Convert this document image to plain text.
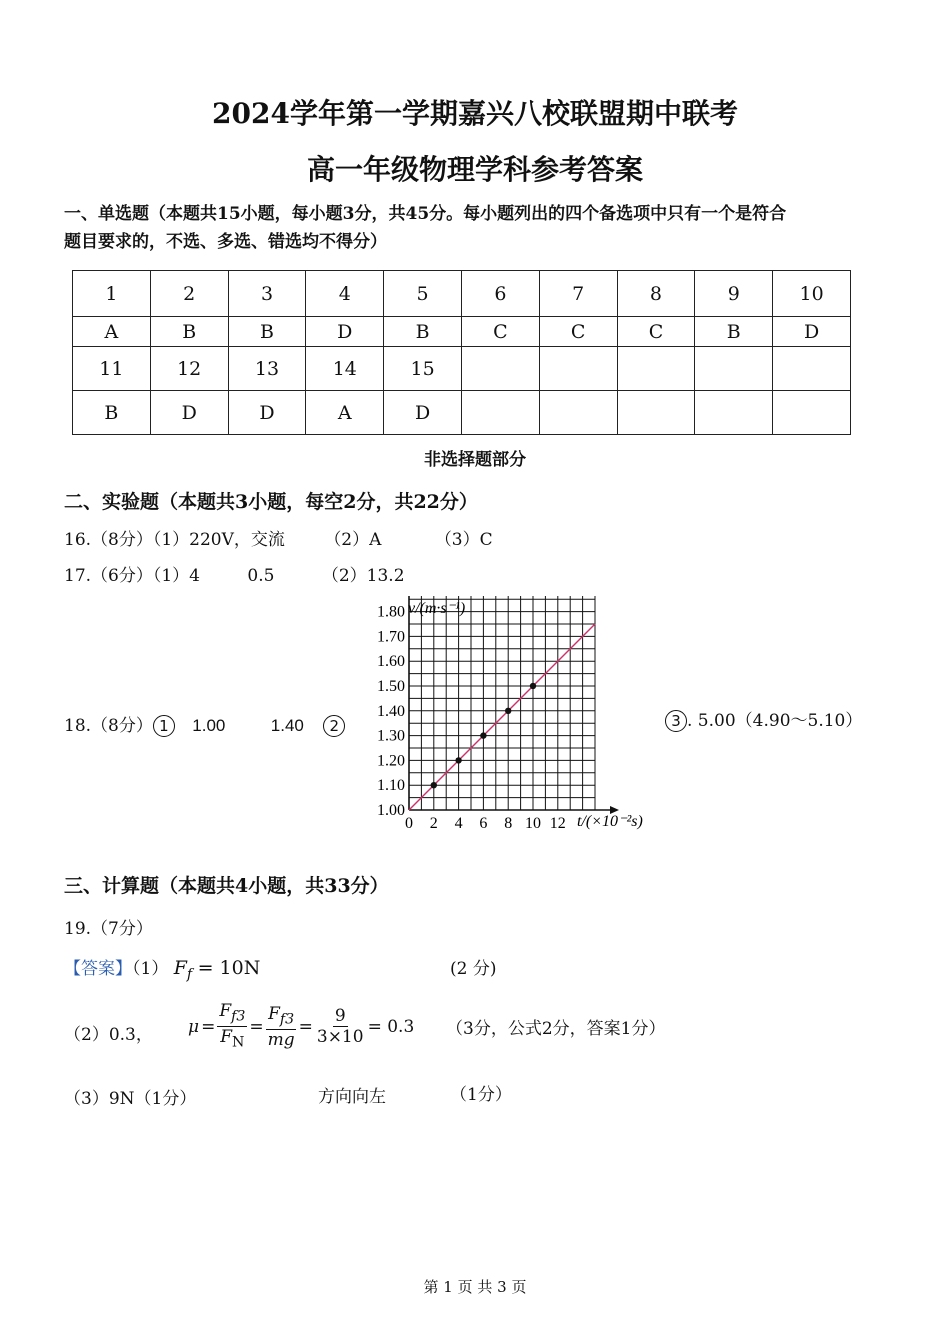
2024学年第一学期嘉兴八校联盟期中联考
高一年级物理学科参考答案
一、单选题（本题共15小题，每小题3分，共45分。每小题列出的四个备选项中只有一个是符合
题目要求的，不选、多选、错选均不得分）
1	2	3	4	5	6	7	8	9	10
A	B	B	D	B	C	C	C	B	D
11	12	13	14	15					
B	D	D	A	D					
非选择题部分
二、实验题（本题共3小题，每空2分，共22分）
16.（8分）（1）220V，交流 （2）A	（3）C
17.（6分）（1）4	0.5	（2）13.2
18.（8分） 1 1.00	1.40 2	3 . 5.00（4.90～5.10）
1.00
1.10
1.20
1.30
1.40
1.50
1.60
1.70
1.80
0 2 4 6 8 10 12
v/(m·s⁻¹)
t/(×10⁻²s)
三、计算题（本题共4小题，共33分）
19.（7分）
【答案】（1） $F_f = 10N$	(2 分)
（2）0.3， $\mu = \frac{F_{f3}}{F_N} = \frac{F_{f3}}{mg} = \frac{9}{3\times 10} = 0.3$ （3分，公式2分，答案1分）
（3）9N（1分）	方向向左	（1分）
第 1 页 共 3 页
